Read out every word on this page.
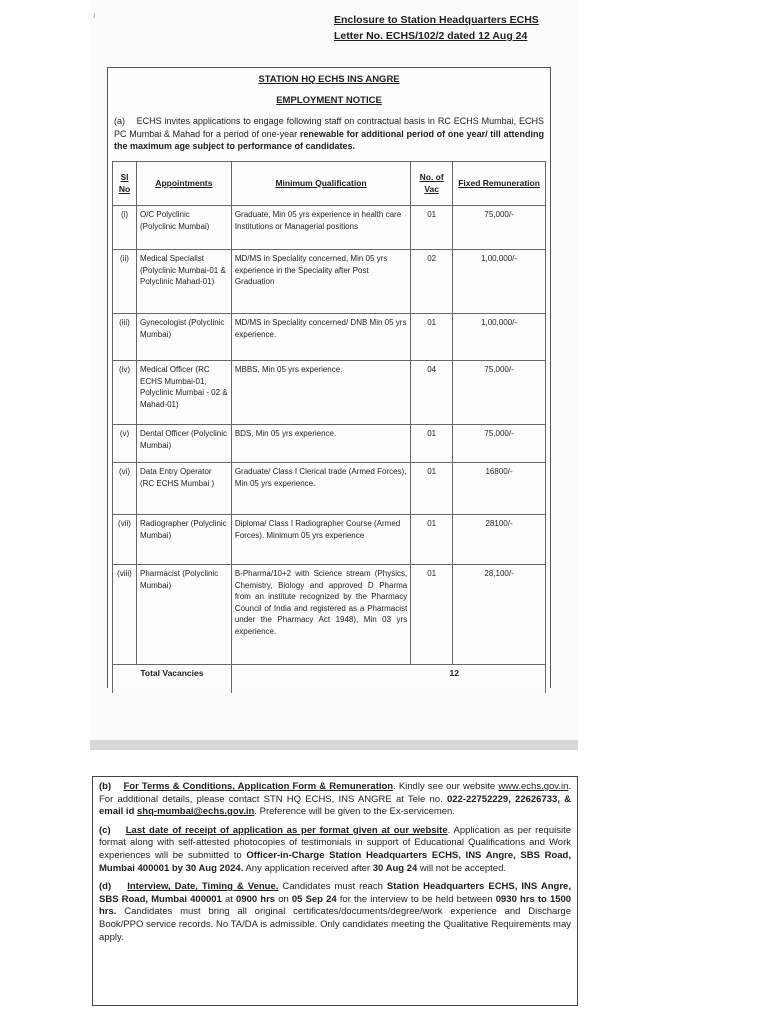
ı	Enclosure to Station Headquarters ECHS
Letter No. ECHS/102/2 dated 12 Aug 24
STATION HQ ECHS INS ANGRE
EMPLOYMENT NOTICE
(a) ECHS invites applications to engage following staff on contractual basis in RC ECHS Mumbai, ECHS PC Mumbai & Mahad for a period of one-year renewable for additional period of one year/ till attending the maximum age subject to performance of candidates.
Sl No	Appointments	Minimum Qualification	No. of Vac	Fixed Remuneration
(i)	O/C Polyclinic (Polyclinic Mumbai)	Graduate, Min 05 yrs experience in health care Institutions or Managerial positions	01	75,000/-
(ii)	Medical Specialist (Polyclinic Mumbai-01 & Polyclinic Mahad-01)	MD/MS in Speciality concerned, Min 05 yrs experience in the Speciality after Post Graduation	02	1,00,000/-
(iii)	Gynecologist (Polyclinic Mumbai)	MD/MS in Speciality concerned/ DNB Min 05 yrs experience.	01	1,00,000/-
(iv)	Medical Officer (RC ECHS Mumbai-01, Polyclinic Mumbai - 02 & Mahad-01)	MBBS, Min 05 yrs experience.	04	75,000/-
(v)	Dental Officer (Polyclinic Mumbai)	BDS, Min 05 yrs experience.	01	75,000/-
(vi)	Data Entry Operator (RC ECHS Mumbai )	Graduate/ Class I Clerical trade (Armed Forces), Min 05 yrs experience.	01	16800/-
(vii)	Radiographer (Polyclinic Mumbai)	Diploma/ Class I Radiographer Course (Armed Forces). Minimum 05 yrs experience	01	28100/-
(viii)	Pharmacist (Polyclinic Mumbai)	B-Pharma/10+2 with Science stream (Physics, Chemistry, Biology and approved D Pharma from an institute recognized by the Pharmacy Council of India and registered as a Pharmacist under the Pharmacy Act 1948), Min 03 yrs experience.	01	28,100/-
Total Vacancies		12		

(b) For Terms & Conditions, Application Form & Remuneration. Kindly see our website www.echs.gov.in. For additional details, please contact STN HQ ECHS, INS ANGRE at Tele no. 022-22752229, 22626733, & email id shq-mumbai@echs.gov.in. Preference will be given to the Ex-servicemen.

(c) Last date of receipt of application as per format given at our website. Application as per requisite format along with self-attested photocopies of testimonials in support of Educational Qualifications and Work experiences will be submitted to Officer-in-Charge Station Headquarters ECHS, INS Angre, SBS Road, Mumbai 400001 by 30 Aug 2024. Any application received after 30 Aug 24 will not be accepted.

(d) Interview, Date, Timing & Venue. Candidates must reach Station Headquarters ECHS, INS Angre, SBS Road, Mumbai 400001 at 0900 hrs on 05 Sep 24 for the interview to be held between 0930 hrs to 1500 hrs. Candidates must bring all original certificates/documents/degree/work experience and Discharge Book/PPO service records. No TA/DA is admissible. Only candidates meeting the Qualitative Requirements may apply.
